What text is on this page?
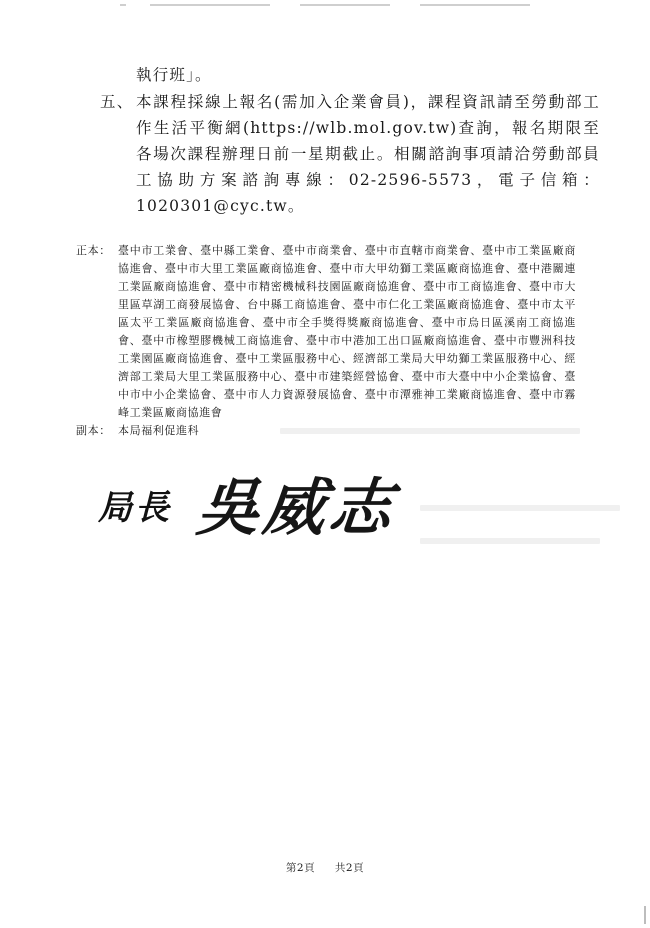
執行班」。
五、 本課程採線上報名(需加入企業會員)，課程資訊請至勞動部工作生活平衡網(https://wlb.mol.gov.tw)查詢，報名期限至各場次課程辦理日前一星期截止。相關諮詢事項請洽勞動部員工協助方案諮詢專線：02-2596-5573，電子信箱：1020301@cyc.tw。
正本： 臺中市工業會、臺中縣工業會、臺中市商業會、臺中市直轄市商業會、臺中市工業區廠商協進會、臺中市大里工業區廠商協進會、臺中市大甲幼獅工業區廠商協進會、臺中港關連工業區廠商協進會、臺中市精密機械科技園區廠商協進會、臺中市工商協進會、臺中市大里區草湖工商發展協會、台中縣工商協進會、臺中市仁化工業區廠商協進會、臺中市太平區太平工業區廠商協進會、臺中市全手獎得獎廠商協進會、臺中市烏日區溪南工商協進會、臺中市橡塑膠機械工商協進會、臺中市中港加工出口區廠商協進會、臺中市豐洲科技工業園區廠商協進會、臺中工業區服務中心、經濟部工業局大甲幼獅工業區服務中心、經濟部工業局大里工業區服務中心、臺中市建築經營協會、臺中市大臺中中小企業協會、臺中市中小企業協會、臺中市人力資源發展協會、臺中市潭雅神工業廠商協進會、臺中市霧峰工業區廠商協進會
副本： 本局福利促進科
局長 吳威志
第2頁 共2頁
